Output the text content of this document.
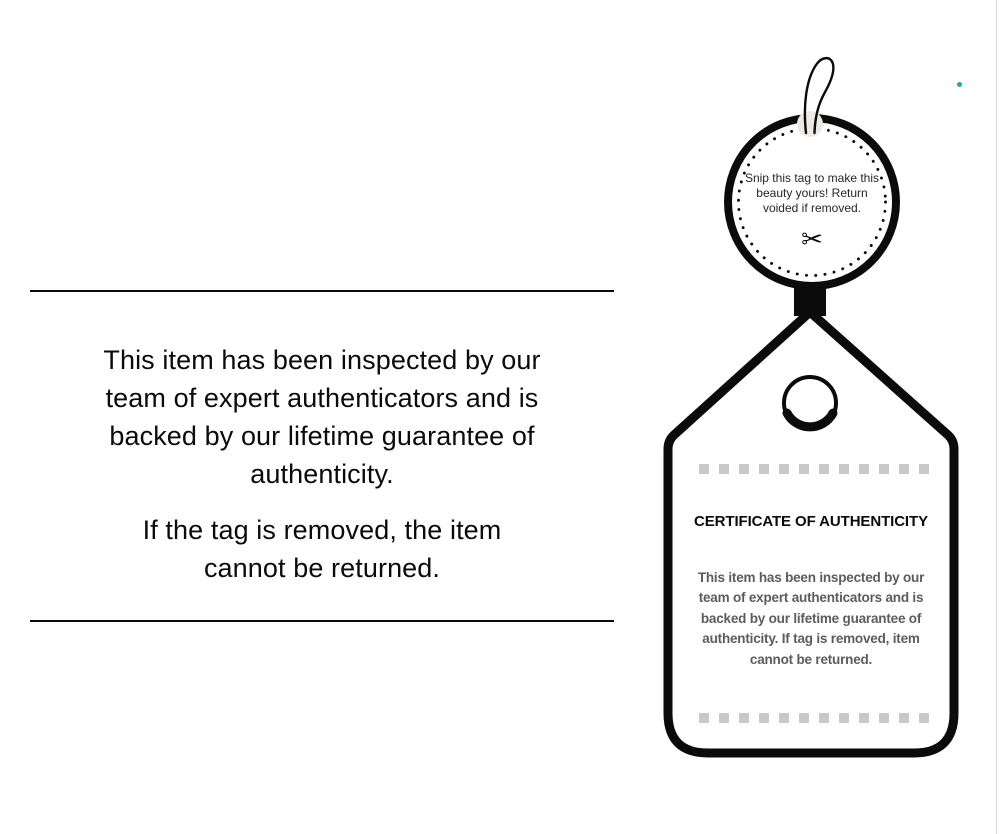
This item has been inspected by our
team of expert authenticators and is
backed by our lifetime guarantee of
authenticity.
If the tag is removed, the item
cannot be returned.
Snip this tag to make this
beauty yours! Return
voided if removed.
✂
CERTIFICATE OF AUTHENTICITY
This item has been inspected by our
team of expert authenticators and is
backed by our lifetime guarantee of
authenticity. If tag is removed, item
cannot be returned.
